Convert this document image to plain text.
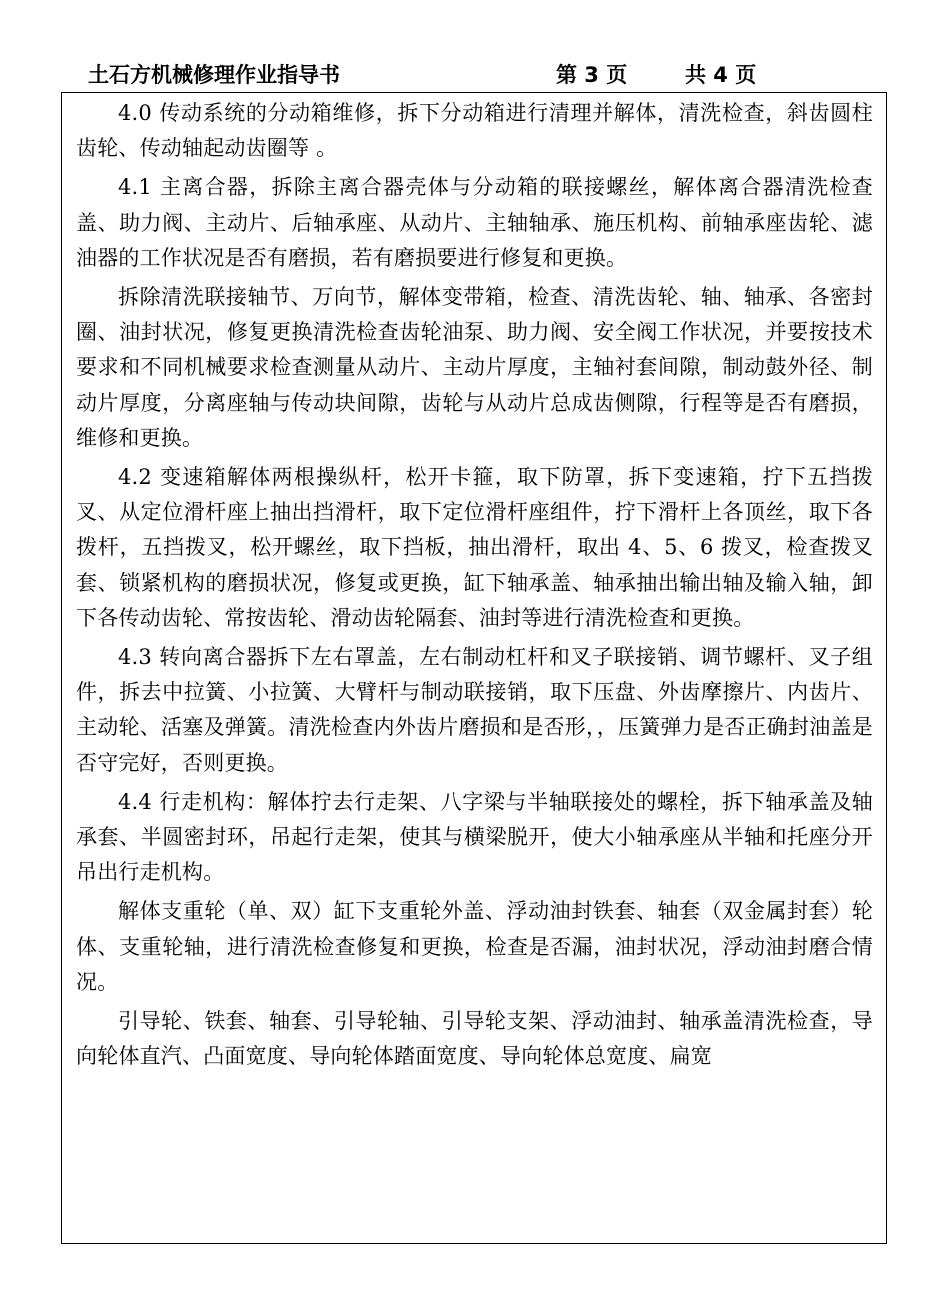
土石方机械修理作业指导书	第 3 页	共 4 页

4.0 传动系统的分动箱维修，拆下分动箱进行清理并解体，清洗检查，斜齿圆柱齿轮、传动轴起动齿圈等 。

4.1 主离合器，拆除主离合器壳体与分动箱的联接螺丝，解体离合器清洗检查盖、助力阀、主动片、后轴承座、从动片、主轴轴承、施压机构、前轴承座齿轮、滤油器的工作状况是否有磨损，若有磨损要进行修复和更换。

拆除清洗联接轴节、万向节，解体变带箱，检查、清洗齿轮、轴、轴承、各密封圈、油封状况，修复更换清洗检查齿轮油泵、助力阀、安全阀工作状况，并要按技术要求和不同机械要求检查测量从动片、主动片厚度，主轴衬套间隙，制动鼓外径、制动片厚度，分离座轴与传动块间隙，齿轮与从动片总成齿侧隙，行程等是否有磨损，维修和更换。

4.2 变速箱解体两根操纵杆，松开卡箍，取下防罩，拆下变速箱，拧下五挡拨叉、从定位滑杆座上抽出挡滑杆，取下定位滑杆座组件，拧下滑杆上各顶丝，取下各拨杆，五挡拨叉，松开螺丝，取下挡板，抽出滑杆，取出 4、5、6 拨叉，检查拨叉套、锁紧机构的磨损状况，修复或更换，缸下轴承盖、轴承抽出输出轴及输入轴，卸下各传动齿轮、常按齿轮、滑动齿轮隔套、油封等进行清洗检查和更换。

4.3 转向离合器拆下左右罩盖，左右制动杠杆和叉子联接销、调节螺杆、叉子组件，拆去中拉簧、小拉簧、大臂杆与制动联接销，取下压盘、外齿摩擦片、内齿片、主动轮、活塞及弹簧。清洗检查内外齿片磨损和是否形，，压簧弹力是否正确封油盖是否守完好，否则更换。

4.4 行走机构：解体拧去行走架、八字梁与半轴联接处的螺栓，拆下轴承盖及轴承套、半圆密封环，吊起行走架，使其与横梁脱开，使大小轴承座从半轴和托座分开吊出行走机构。

解体支重轮（单、双）缸下支重轮外盖、浮动油封铁套、轴套（双金属封套）轮体、支重轮轴，进行清洗检查修复和更换，检查是否漏，油封状况，浮动油封磨合情况。

引导轮、铁套、轴套、引导轮轴、引导轮支架、浮动油封、轴承盖清洗检查，导向轮体直汽、凸面宽度、导向轮体踏面宽度、导向轮体总宽度、扁宽
